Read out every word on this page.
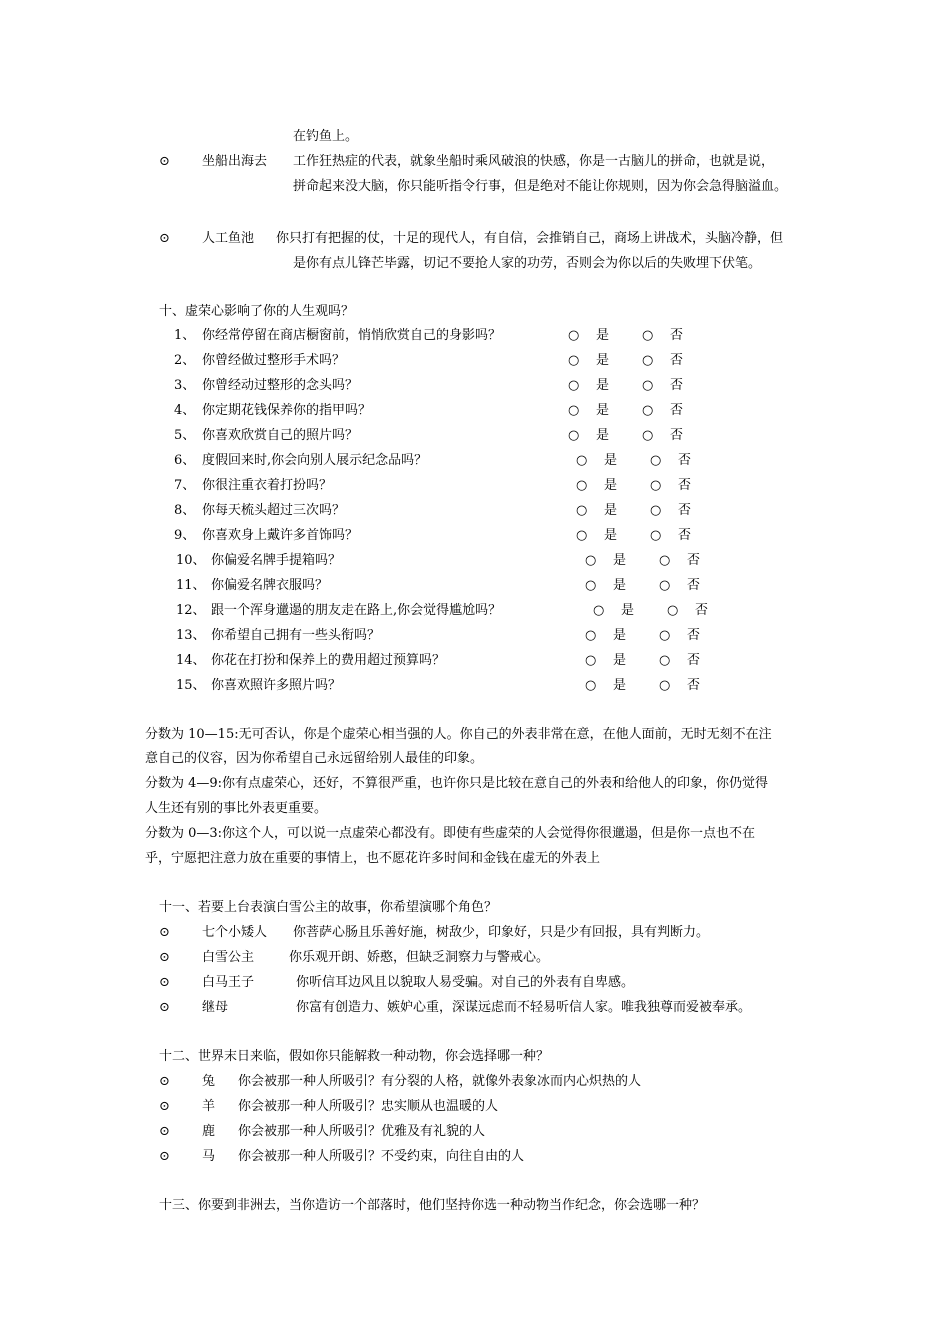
在钓鱼上。
⊙ 坐船出海去 工作狂热症的代表，就象坐船时乘风破浪的快感，你是一古脑儿的拼命，也就是说，
拼命起来没大脑，你只能听指令行事，但是绝对不能让你规则，因为你会急得脑溢血。
⊙ 人工鱼池 你只打有把握的仗，十足的现代人，有自信，会推销自己，商场上讲战术，头脑冷静，但
是你有点儿锋芒毕露，切记不要抢人家的功劳，否则会为你以后的失败埋下伏笔。
十、虚荣心影响了你的人生观吗？
1、 你经常停留在商店橱窗前，悄悄欣赏自己的身影吗？	○ 是	○ 否
2、 你曾经做过整形手术吗？	○ 是	○ 否
3、 你曾经动过整形的念头吗？	○ 是	○ 否
4、 你定期花钱保养你的指甲吗？	○ 是	○ 否
5、 你喜欢欣赏自己的照片吗？	○ 是	○ 否
6、 度假回来时,你会向别人展示纪念品吗？	○ 是	○ 否
7、 你很注重衣着打扮吗？	○ 是	○ 否
8、 你每天梳头超过三次吗？	○ 是	○ 否
9、 你喜欢身上戴许多首饰吗？	○ 是	○ 否
10、 你偏爱名牌手提箱吗？	○ 是	○ 否
11、 你偏爱名牌衣服吗？	○ 是	○ 否
12、 跟一个浑身邋遢的朋友走在路上,你会觉得尴尬吗？	○ 是	○ 否
13、 你希望自己拥有一些头衔吗？	○ 是	○ 否
14、 你花在打扮和保养上的费用超过预算吗？	○ 是	○ 否
15、 你喜欢照许多照片吗？	○ 是	○ 否
分数为 10—15:无可否认，你是个虚荣心相当强的人。你自己的外表非常在意，在他人面前，无时无刻不在注
意自己的仪容，因为你希望自己永远留给别人最佳的印象。
分数为 4—9:你有点虚荣心，还好，不算很严重，也许你只是比较在意自己的外表和给他人的印象，你仍觉得
人生还有别的事比外表更重要。
分数为 0—3:你这个人，可以说一点虚荣心都没有。即使有些虚荣的人会觉得你很邋遢，但是你一点也不在
乎，宁愿把注意力放在重要的事情上，也不愿花许多时间和金钱在虚无的外表上
十一、若要上台表演白雪公主的故事，你希望演哪个角色？
⊙ 七个小矮人 你菩萨心肠且乐善好施，树敌少，印象好，只是少有回报，具有判断力。
⊙ 白雪公主	你乐观开朗、娇憨，但缺乏洞察力与警戒心。
⊙ 白马王子	你听信耳边风且以貌取人易受骗。对自己的外表有自卑感。
⊙ 继母	你富有创造力、嫉妒心重，深谋远虑而不轻易听信人家。唯我独尊而爱被奉承。
十二、世界末日来临，假如你只能解救一种动物，你会选择哪一种？
⊙ 兔 你会被那一种人所吸引？有分裂的人格，就像外表象冰而内心炽热的人
⊙ 羊 你会被那一种人所吸引？忠实顺从也温暖的人
⊙ 鹿 你会被那一种人所吸引？优雅及有礼貌的人
⊙ 马 你会被那一种人所吸引？不受约束，向往自由的人
十三、你要到非洲去，当你造访一个部落时，他们坚持你选一种动物当作纪念，你会选哪一种？
